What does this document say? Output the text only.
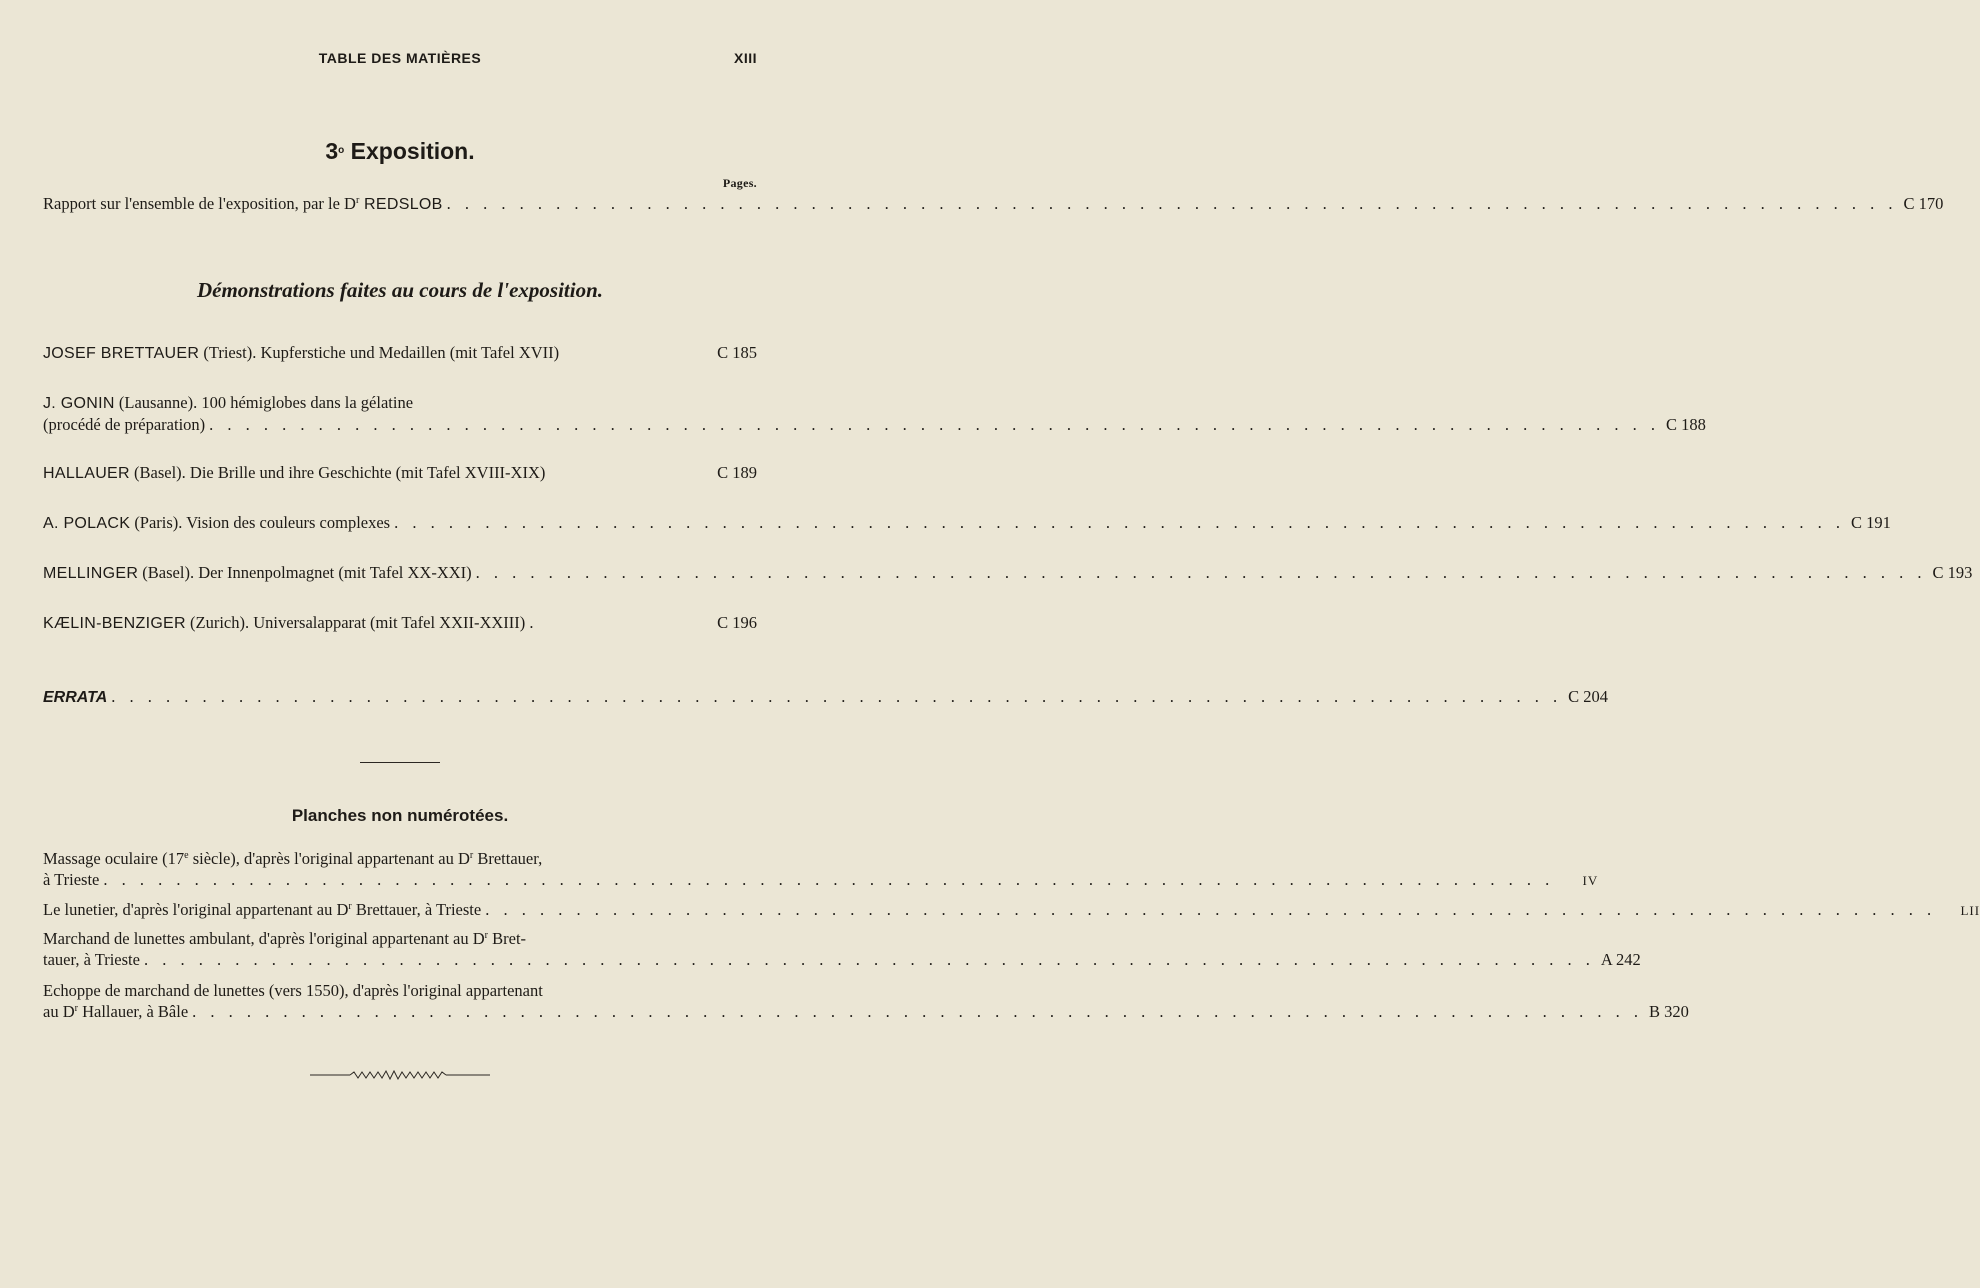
TABLE DES MATIÈRES	XIII
3$^o$ Exposition.
Pages.
Rapport sur l'ensemble de l'exposition, par le $D^r$ REDSLOB . . . . . . . . . . . . . . . . . . . . . . . . . . . . . . . . . . . . . . . . . . . . . . . . . . . . . . . . . . . . . . . . . . . . . . . . . . . . . . . . C 170
Démonstrations faites au cours de l'exposition.
JOSEF BRETTAUER (Triest). Kupferstiche und Medaillen (mit Tafel XVII)	C 185
J. GONIN (Lausanne). 100 hémiglobes dans la gélatine
(procédé de préparation) . . . . . . . . . . . . . . . . . . . . . . . . . . . . . . . . . . . . . . . . . . . . . . . . . . . . . . . . . . . . . . . . . . . . . . . . . . . . . . . . C 188
HALLAUER (Basel). Die Brille und ihre Geschichte (mit Tafel XVIII-XIX)	C 189
A. POLACK (Paris). Vision des couleurs complexes . . . . . . . . . . . . . . . . . . . . . . . . . . . . . . . . . . . . . . . . . . . . . . . . . . . . . . . . . . . . . . . . . . . . . . . . . . . . . . . . C 191
MELLINGER (Basel). Der Innenpolmagnet (mit Tafel XX-XXI) . . . . . . . . . . . . . . . . . . . . . . . . . . . . . . . . . . . . . . . . . . . . . . . . . . . . . . . . . . . . . . . . . . . . . . . . . . . . . . . . C 193
KÆLIN-BENZIGER (Zurich). Universalapparat (mit Tafel XXII-XXIII) .	C 196
ERRATA . . . . . . . . . . . . . . . . . . . . . . . . . . . . . . . . . . . . . . . . . . . . . . . . . . . . . . . . . . . . . . . . . . . . . . . . . . . . . . . . C 204
Planches non numérotées.
Massage oculaire (17e siècle), d'après l'original appartenant au $D^r$ Brettauer,
à Trieste . . . . . . . . . . . . . . . . . . . . . . . . . . . . . . . . . . . . . . . . . . . . . . . . . . . . . . . . . . . . . . . . . . . . . . . . . . . . . . . .	IV
Le lunetier, d'après l'original appartenant au $D^r$ Brettauer, à Trieste . . . . . . . . . . . . . . . . . . . . . . . . . . . . . . . . . . . . . . . . . . . . . . . . . . . . . . . . . . . . . . . . . . . . . . . . . . . . . . . .	LII
Marchand de lunettes ambulant, d'après l'original appartenant au $D^r$ Bret-
tauer, à Trieste . . . . . . . . . . . . . . . . . . . . . . . . . . . . . . . . . . . . . . . . . . . . . . . . . . . . . . . . . . . . . . . . . . . . . . . . . . . . . . . . A 242
Echoppe de marchand de lunettes (vers 1550), d'après l'original appartenant
au $D^r$ Hallauer, à Bâle . . . . . . . . . . . . . . . . . . . . . . . . . . . . . . . . . . . . . . . . . . . . . . . . . . . . . . . . . . . . . . . . . . . . . . . . . . . . . . . . B 320
